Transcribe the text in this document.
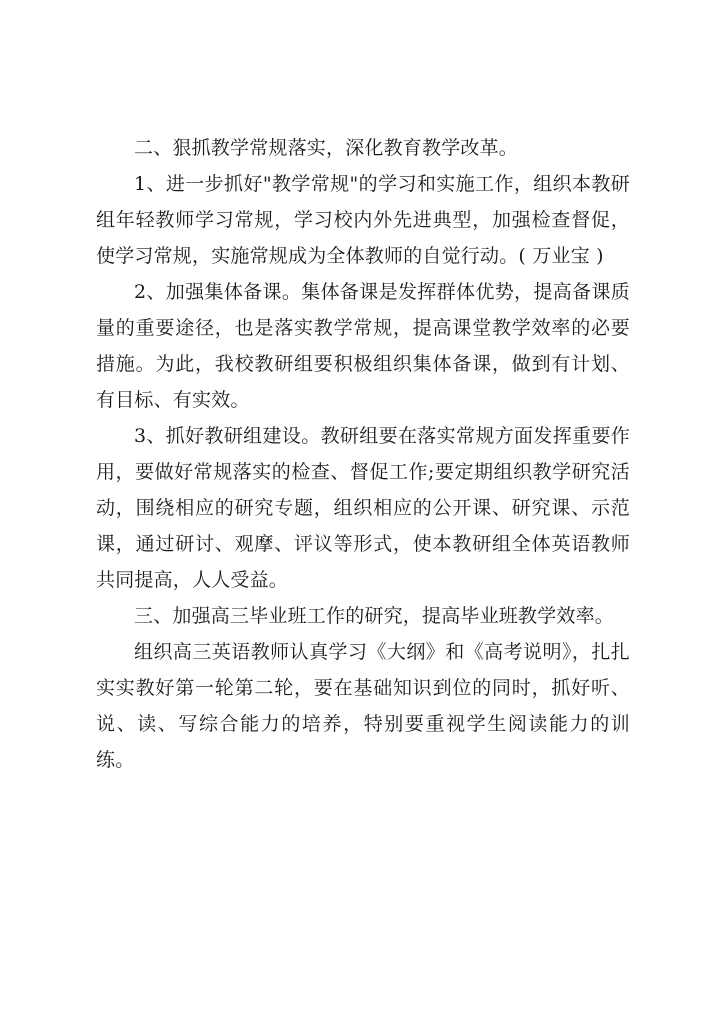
二、狠抓教学常规落实，深化教育教学改革。

1、进一步抓好"教学常规"的学习和实施工作，组织本教研组年轻教师学习常规，学习校内外先进典型，加强检查督促，使学习常规，实施常规成为全体教师的自觉行动。( 万业宝 )

2、加强集体备课。集体备课是发挥群体优势，提高备课质量的重要途径，也是落实教学常规，提高课堂教学效率的必要措施。为此，我校教研组要积极组织集体备课，做到有计划、有目标、有实效。

3、抓好教研组建设。教研组要在落实常规方面发挥重要作用，要做好常规落实的检查、督促工作;要定期组织教学研究活动，围绕相应的研究专题，组织相应的公开课、研究课、示范课，通过研讨、观摩、评议等形式，使本教研组全体英语教师共同提高，人人受益。

三、加强高三毕业班工作的研究，提高毕业班教学效率。

组织高三英语教师认真学习《大纲》和《高考说明》，扎扎实实教好第一轮第二轮，要在基础知识到位的同时，抓好听、说、读、写综合能力的培养，特别要重视学生阅读能力的训练。
